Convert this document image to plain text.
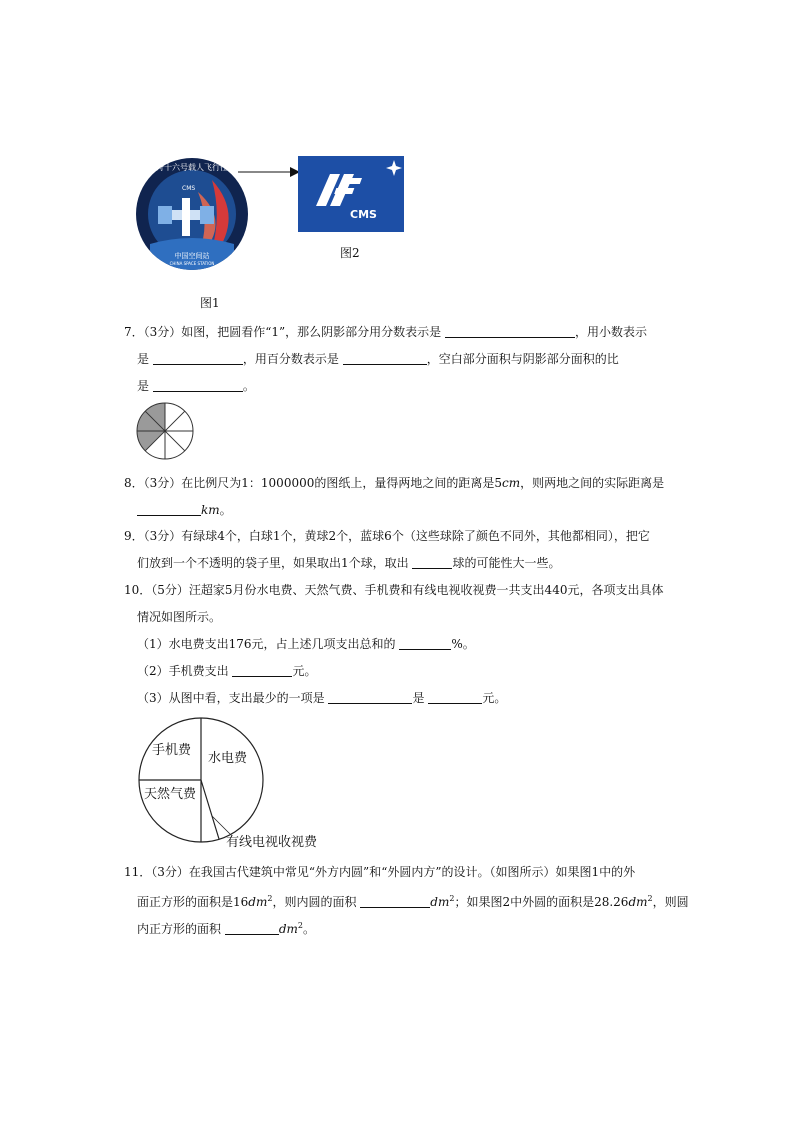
神舟十六号载人飞行任务
CMS
中国空间站
CHINA SPACE STATION
图1
CMS
图2
7．（3分）如图，把圆看作“1”，那么阴影部分用分数表示是	，用小数表示
是	，用百分数表示是	，空白部分面积与阴影部分面积的比
是	。
8．（3分）在比例尺为1：1000000的图纸上，量得两地之间的距离是5cm，则两地之间的实际距离是
km。
9．（3分）有绿球4个，白球1个，黄球2个，蓝球6个（这些球除了颜色不同外，其他都相同），把它
们放到一个不透明的袋子里，如果取出1个球，取出	球的可能性大一些。
10．（5分）汪超家5月份水电费、天然气费、手机费和有线电视收视费一共支出440元，各项支出具体
情况如图所示。
（1）水电费支出176元，占上述几项支出总和的	%。
（2）手机费支出	元。
（3）从图中看，支出最少的一项是	是	元。
手机费
水电费
天然气费
有线电视收视费
11．（3分）在我国古代建筑中常见“外方内圆”和“外圆内方”的设计。（如图所示）如果图1中的外
面正方形的面积是$16dm^2$，则内圆的面积	$dm^2$；如果图2中外圆的面积是$28.26dm^2$，则圆
内正方形的面积	$dm^2$。
